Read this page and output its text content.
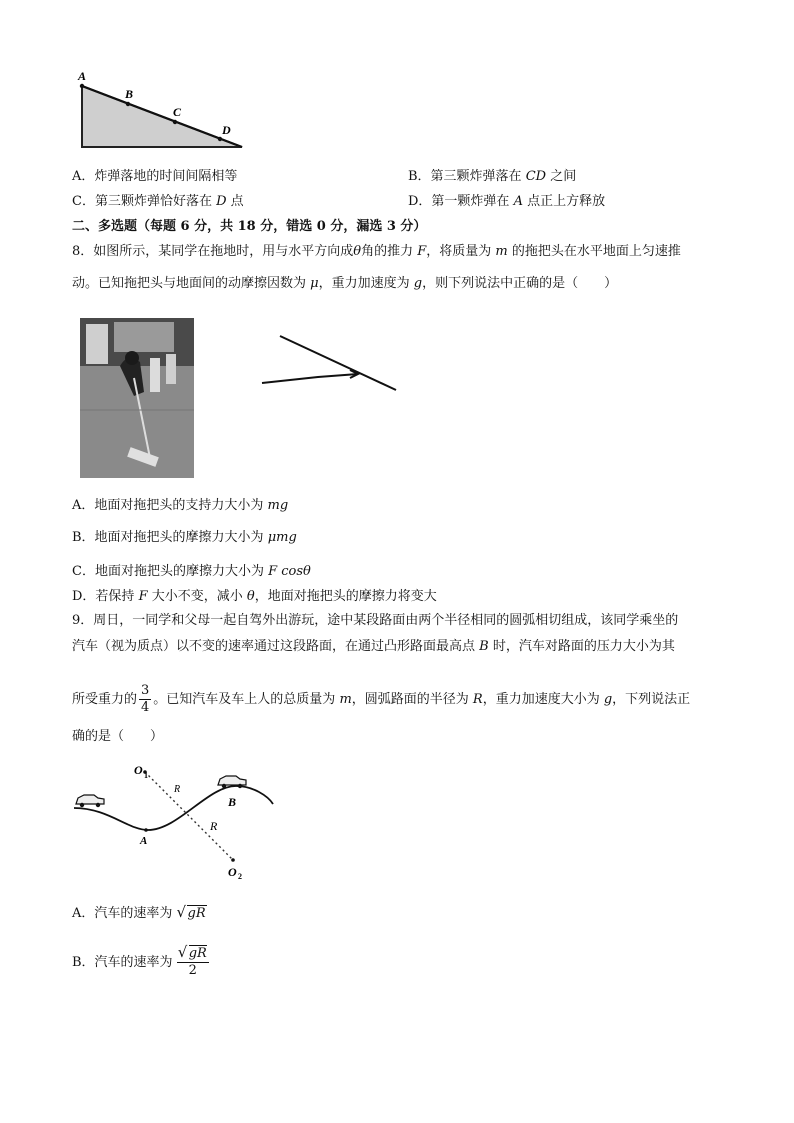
A
B
C
D
A．炸弹落地的时间间隔相等	B．第三颗炸弹落在 CD 之间
C．第三颗炸弹恰好落在 D 点	D．第一颗炸弹在 A 点正上方释放
二、多选题（每题 6 分，共 18 分，错选 0 分，漏选 3 分）
8．如图所示，某同学在拖地时，用与水平方向成θ角的推力 F，将质量为 m 的拖把头在水平地面上匀速推
动。已知拖把头与地面间的动摩擦因数为 μ，重力加速度为 g，则下列说法中正确的是（　　）
A．地面对拖把头的支持力大小为 mg
B．地面对拖把头的摩擦力大小为 μmg
C．地面对拖把头的摩擦力大小为 F cosθ
D．若保持 F 大小不变，减小 θ，地面对拖把头的摩擦力将变大
9．周日，一同学和父母一起自驾外出游玩，途中某段路面由两个半径相同的圆弧相切组成，该同学乘坐的
汽车（视为质点）以不变的速率通过这段路面，在通过凸形路面最高点 B 时，汽车对路面的压力大小为其
所受重力的 $\frac{3}{4}$ 。已知汽车及车上人的总质量为 m，圆弧路面的半径为 R，重力加速度大小为 g，下列说法正
确的是（　　）
O 1
R
R
A
B
O 2
A．汽车的速率为 √ gR
B．汽车的速率为 $\frac{√ gR}{2}$
